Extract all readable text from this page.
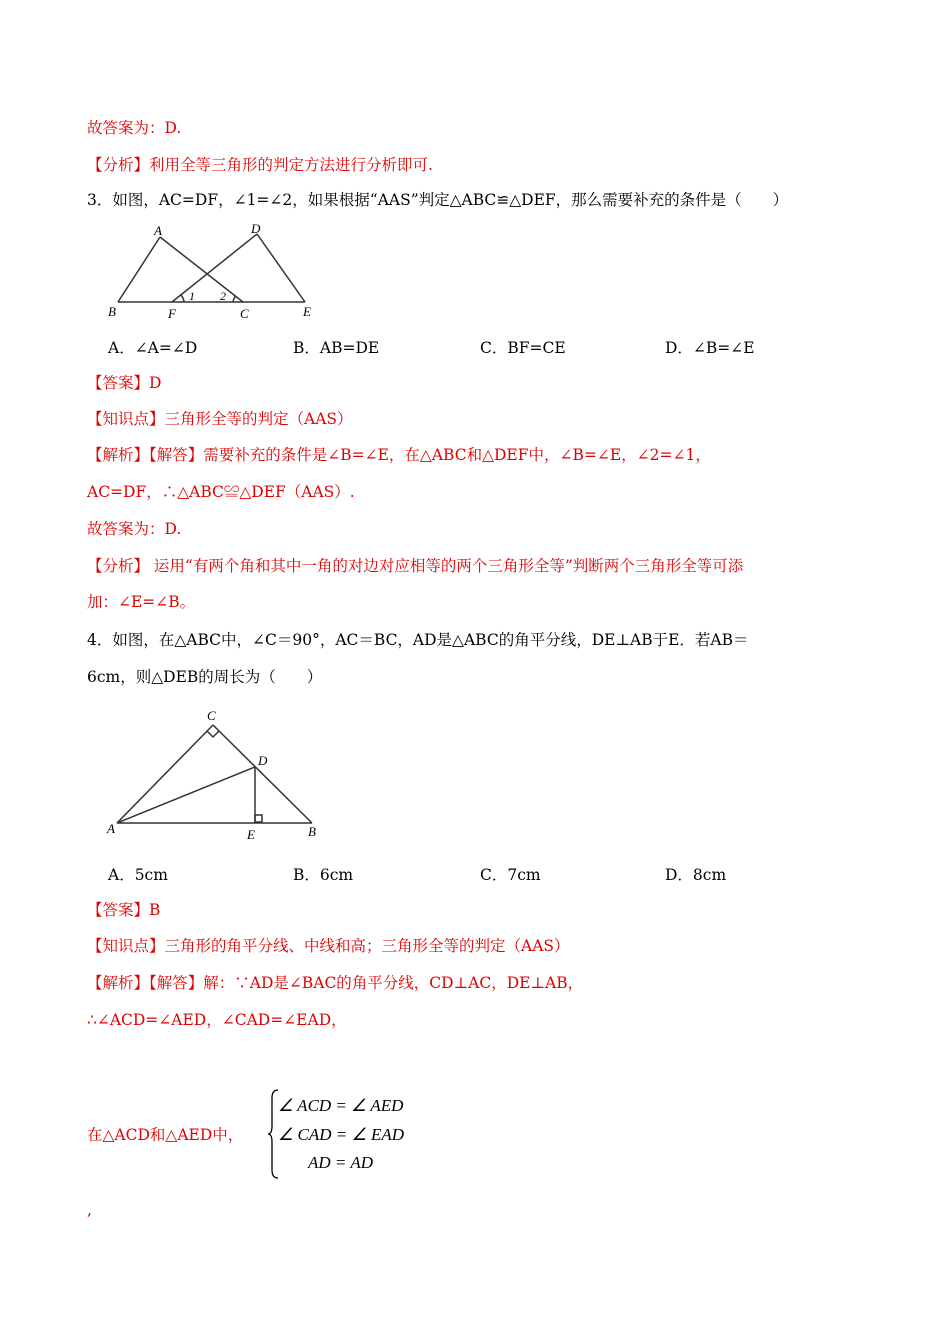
故答案为：D.
【分析】利用全等三角形的判定方法进行分析即可.
3．如图，AC=DF，∠1=∠2，如果根据“AAS”判定△ABC≌△DEF，那么需要补充的条件是（　　）
A	D
B	F
1 2
C	E
A．∠A=∠D	B．AB=DE	C．BF=CE	D．∠B=∠E
【答案】D
【知识点】三角形全等的判定（AAS）
【解析】【解答】需要补充的条件是∠B=∠E，在△ABC和△DEF中，∠B=∠E，∠2=∠1，
AC=DF，∴△ABC≌△DEF（AAS）.
故答案为：D.
【分析】 运用“有两个角和其中一角的对边对应相等的两个三角形全等”判断两个三角形全等可添
加：∠E=∠B。
4．如图，在△ABC中，∠C＝90°，AC＝BC，AD是△ABC的角平分线，DE⊥AB于E．若AB＝
6cm，则△DEB的周长为（　　）
C
D
A	E	B
A．5cm	B．6cm	C．7cm	D．8cm
【答案】B
【知识点】三角形的角平分线、中线和高；三角形全等的判定（AAS）
【解析】【解答】解：∵AD是∠BAC的角平分线，CD⊥AC，DE⊥AB，
∴∠ACD=∠AED，∠CAD=∠EAD，
在△ACD和△AED中，
∠ ACD = ∠ AED
∠ CAD = ∠ EAD
AD = AD
,
